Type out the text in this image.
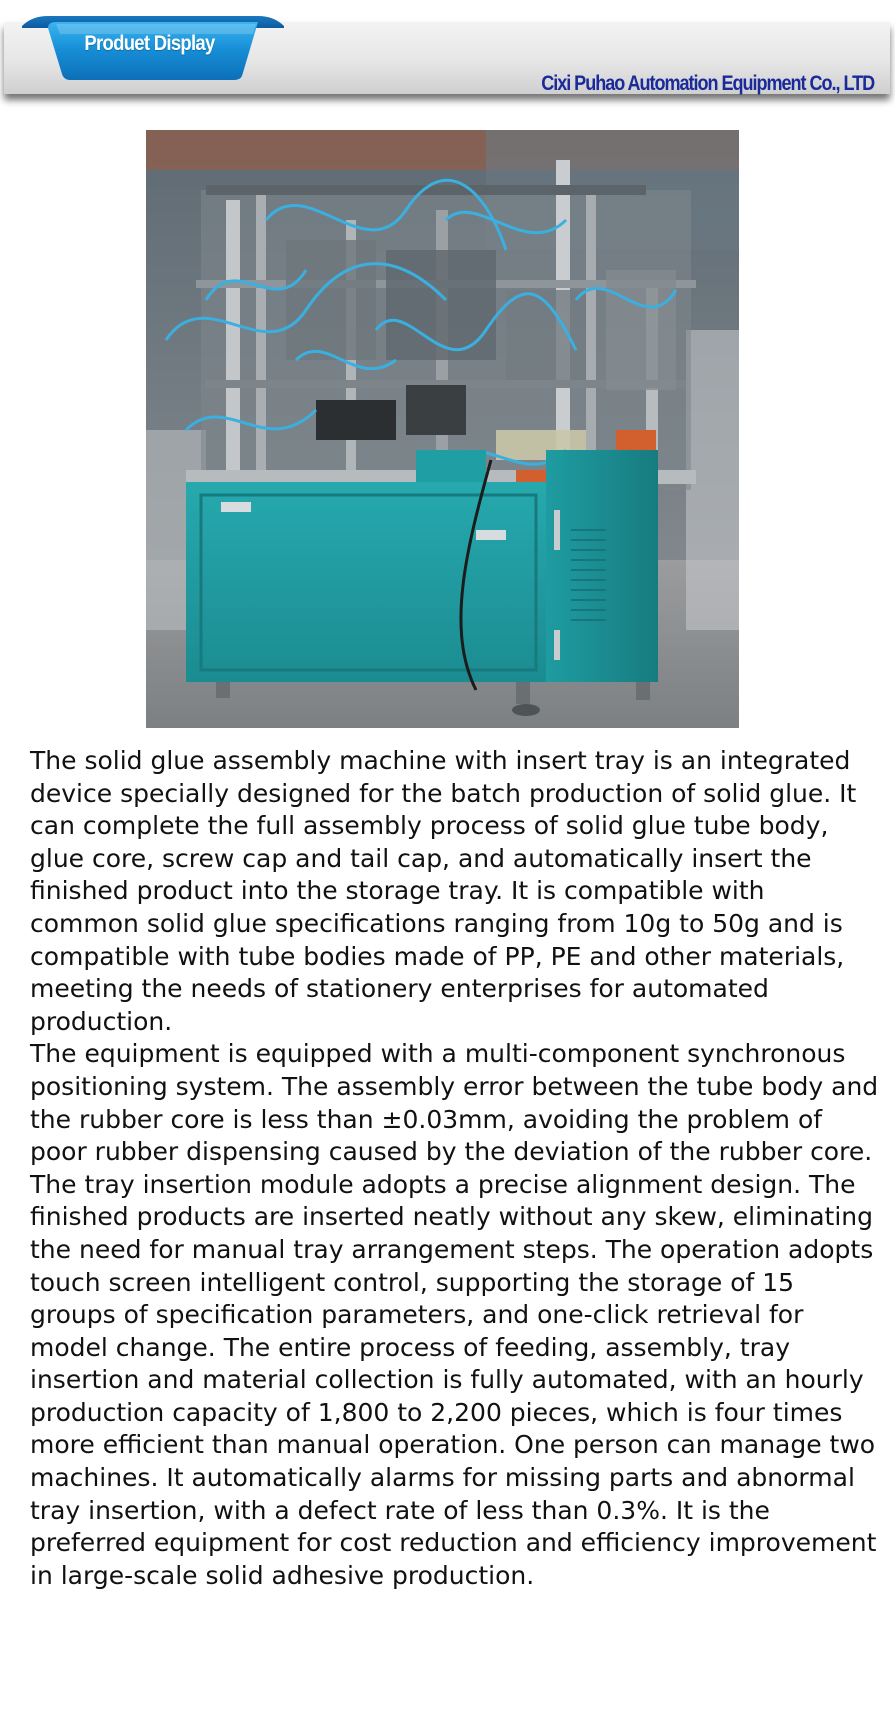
Cixi Puhao Automation Equipment Co., LTD
Produet Display

The solid glue assembly machine with insert tray is an integrated device specially designed for the batch production of solid glue. It can complete the full assembly process of solid glue tube body, glue core, screw cap and tail cap, and automatically insert the finished product into the storage tray. It is compatible with common solid glue specifications ranging from 10g to 50g and is compatible with tube bodies made of PP, PE and other materials, meeting the needs of stationery enterprises for automated production.

The equipment is equipped with a multi-component synchronous positioning system. The assembly error between the tube body and the rubber core is less than ±0.03mm, avoiding the problem of poor rubber dispensing caused by the deviation of the rubber core. The tray insertion module adopts a precise alignment design. The finished products are inserted neatly without any skew, eliminating the need for manual tray arrangement steps. The operation adopts touch screen intelligent control, supporting the storage of 15 groups of specification parameters, and one-click retrieval for model change. The entire process of feeding, assembly, tray insertion and material collection is fully automated, with an hourly production capacity of 1,800 to 2,200 pieces, which is four times more efficient than manual operation. One person can manage two machines. It automatically alarms for missing parts and abnormal tray insertion, with a defect rate of less than 0.3%. It is the preferred equipment for cost reduction and efficiency improvement in large-scale solid adhesive production.
